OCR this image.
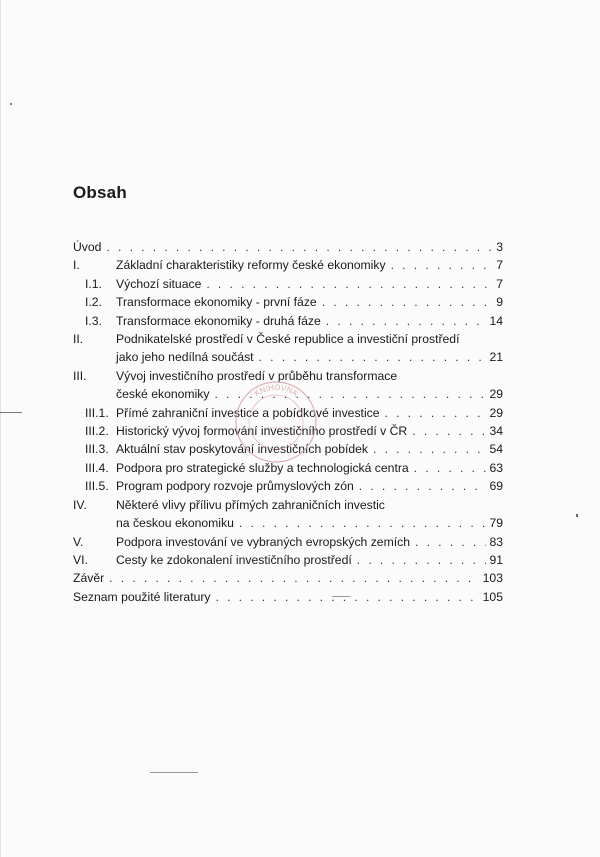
Obsah
Úvod . . .	3
I.	Základní charakteristiky reformy české ekonomiky . . .	7
I.1.	Výchozí situace . . .	7
I.2.	Transformace ekonomiky - první fáze . . .	9
I.3.	Transformace ekonomiky - druhá fáze . . .	14
II.	Podnikatelské prostředí v České republice a investiční prostředí
jako jeho nedílná součást . . .	21
III.	Vývoj investičního prostředí v průběhu transformace
české ekonomiky . . .	29
III.1. Přímé zahraniční investice a pobídkové investice . . .	29
III.2. Historický vývoj formování investičního prostředí v ČR . . .	34
III.3. Aktuální stav poskytování investičních pobídek . . .	54
III.4. Podpora pro strategické služby a technologická centra . . .	63
III.5. Program podpory rozvoje průmyslových zón . . .	69
IV.	Některé vlivy přílivu přímých zahraničních investic
na českou ekonomiku . . .	79
V.	Podpora investování ve vybraných evropských zemích . . .	83
VI.	Cesty ke zdokonalení investičního prostředí . . .	91
Závěr . . .	103
Seznam použité literatury . . .	105
KNIHOVNA
